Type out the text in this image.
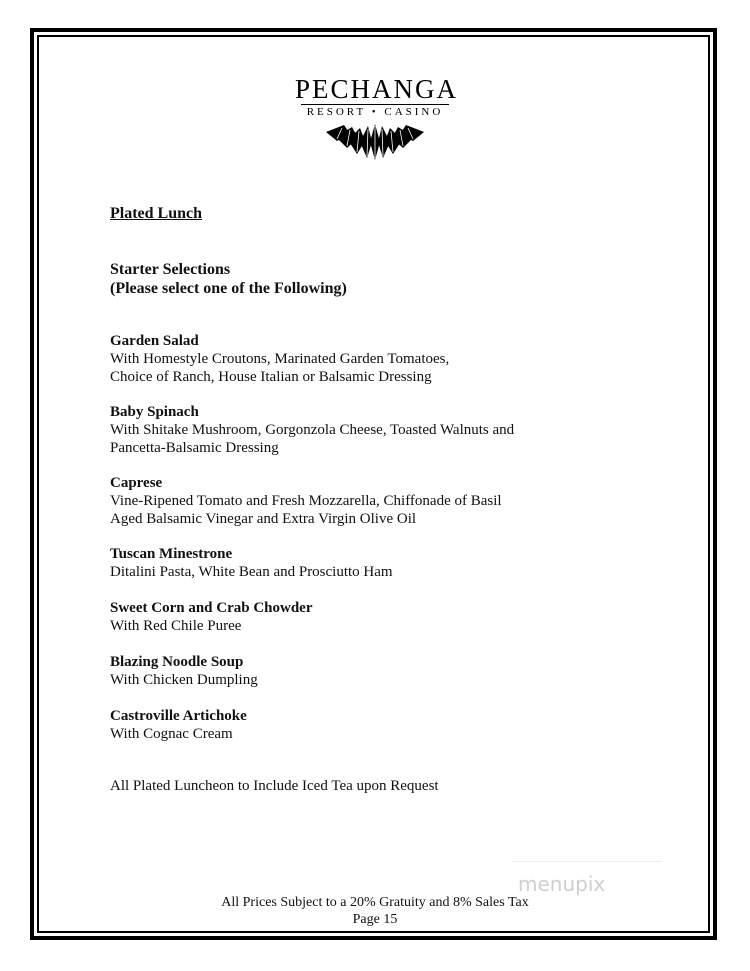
PECHANGA
RESORT • CASINO
Plated Lunch
Starter Selections
(Please select one of the Following)
Garden Salad
With Homestyle Croutons, Marinated Garden Tomatoes,
Choice of Ranch, House Italian or Balsamic Dressing
Baby Spinach
With Shitake Mushroom, Gorgonzola Cheese, Toasted Walnuts and
Pancetta-Balsamic Dressing
Caprese
Vine-Ripened Tomato and Fresh Mozzarella, Chiffonade of Basil
Aged Balsamic Vinegar and Extra Virgin Olive Oil
Tuscan Minestrone
Ditalini Pasta, White Bean and Prosciutto Ham
Sweet Corn and Crab Chowder
With Red Chile Puree
Blazing Noodle Soup
With Chicken Dumpling
Castroville Artichoke
With Cognac Cream
All Plated Luncheon to Include Iced Tea upon Request
menupix
All Prices Subject to a 20% Gratuity and 8% Sales Tax
Page 15
